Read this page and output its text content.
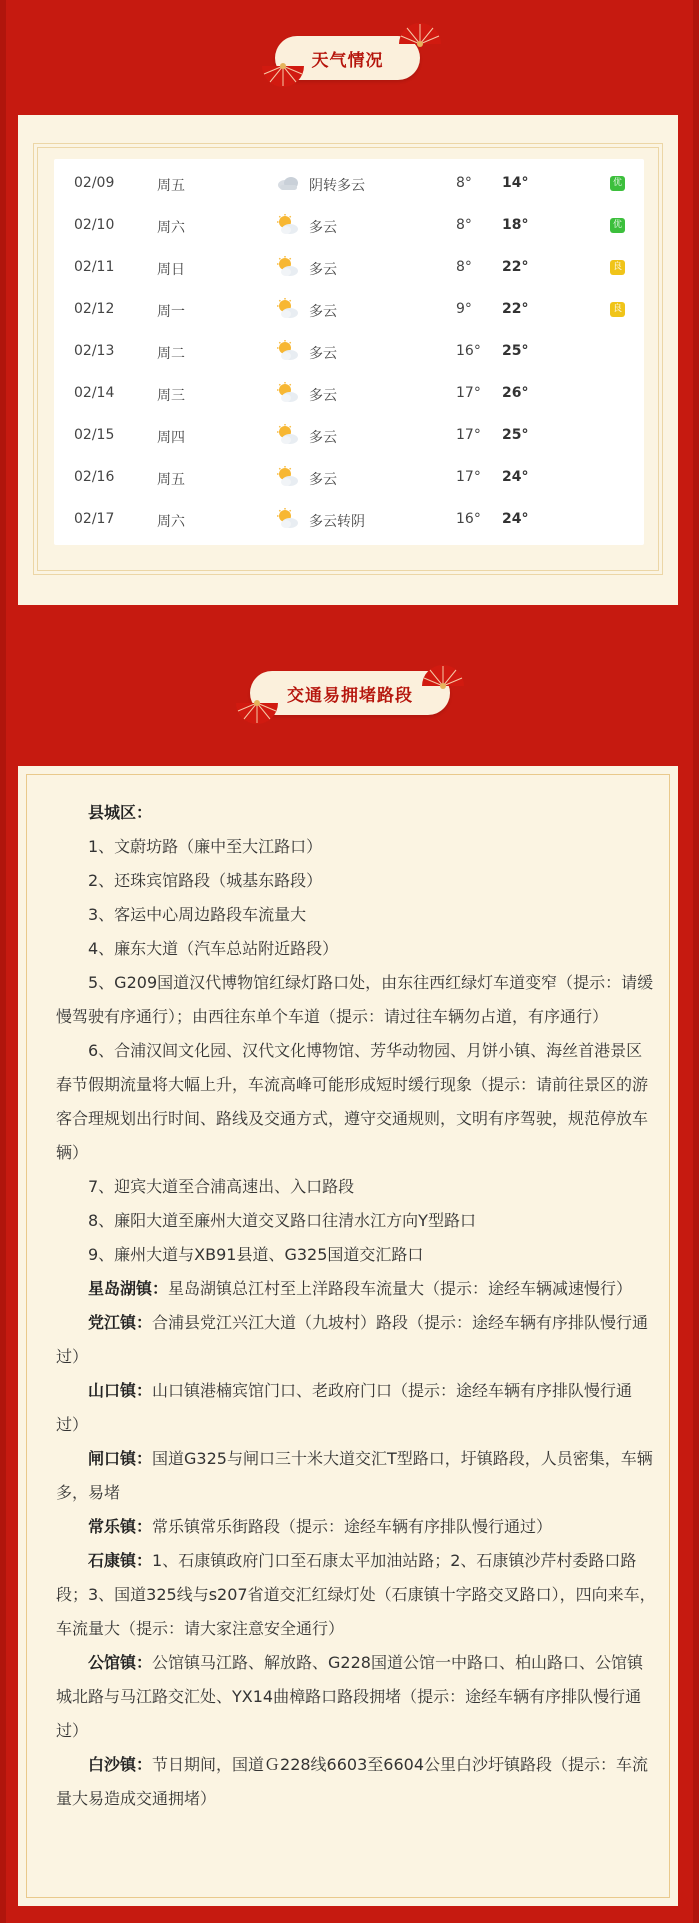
天气情况
02/09	周五	阴转多云	8° 14°	优
02/10	周六	多云	8° 18°	优
02/11	周日	多云	8° 22°	良
02/12	周一	多云	9° 22°	良
02/13	周二	多云	16° 25°
02/14	周三	多云	17° 26°
02/15	周四	多云	17° 25°
02/16	周五	多云	17° 24°
02/17	周六	多云转阴	16° 24°
交通易拥堵路段

县城区：

1、文蔚坊路（廉中至大江路口）

2、还珠宾馆路段（城基东路段）

3、客运中心周边路段车流量大

4、廉东大道（汽车总站附近路段）

5、G209国道汉代博物馆红绿灯路口处，由东往西红绿灯车道变窄（提示：请缓慢驾驶有序通行）；由西往东单个车道（提示：请过往车辆勿占道，有序通行）

6、合浦汉闾文化园、汉代文化博物馆、芳华动物园、月饼小镇、海丝首港景区春节假期流量将大幅上升，车流高峰可能形成短时缓行现象（提示：请前往景区的游客合理规划出行时间、路线及交通方式，遵守交通规则，文明有序驾驶，规范停放车辆）

7、迎宾大道至合浦高速出、入口路段

8、廉阳大道至廉州大道交叉路口往清水江方向Y型路口

9、廉州大道与XB91县道、G325国道交汇路口

星岛湖镇：星岛湖镇总江村至上洋路段车流量大（提示：途经车辆减速慢行）

党江镇：合浦县党江兴江大道（九坡村）路段（提示：途经车辆有序排队慢行通过）

山口镇：山口镇港楠宾馆门口、老政府门口（提示：途经车辆有序排队慢行通过）

闸口镇：国道G325与闸口三十米大道交汇T型路口，圩镇路段，人员密集，车辆多，易堵

常乐镇：常乐镇常乐街路段（提示：途经车辆有序排队慢行通过）

石康镇：1、石康镇政府门口至石康太平加油站路；2、石康镇沙芹村委路口路段；3、国道325线与s207省道交汇红绿灯处（石康镇十字路交叉路口），四向来车，车流量大（提示：请大家注意安全通行）

公馆镇：公馆镇马江路、解放路、G228国道公馆一中路口、柏山路口、公馆镇城北路与马江路交汇处、YX14曲樟路口路段拥堵（提示：途经车辆有序排队慢行通过）

白沙镇：节日期间，国道Ｇ228线6603至6604公里白沙圩镇路段（提示：车流量大易造成交通拥堵）
